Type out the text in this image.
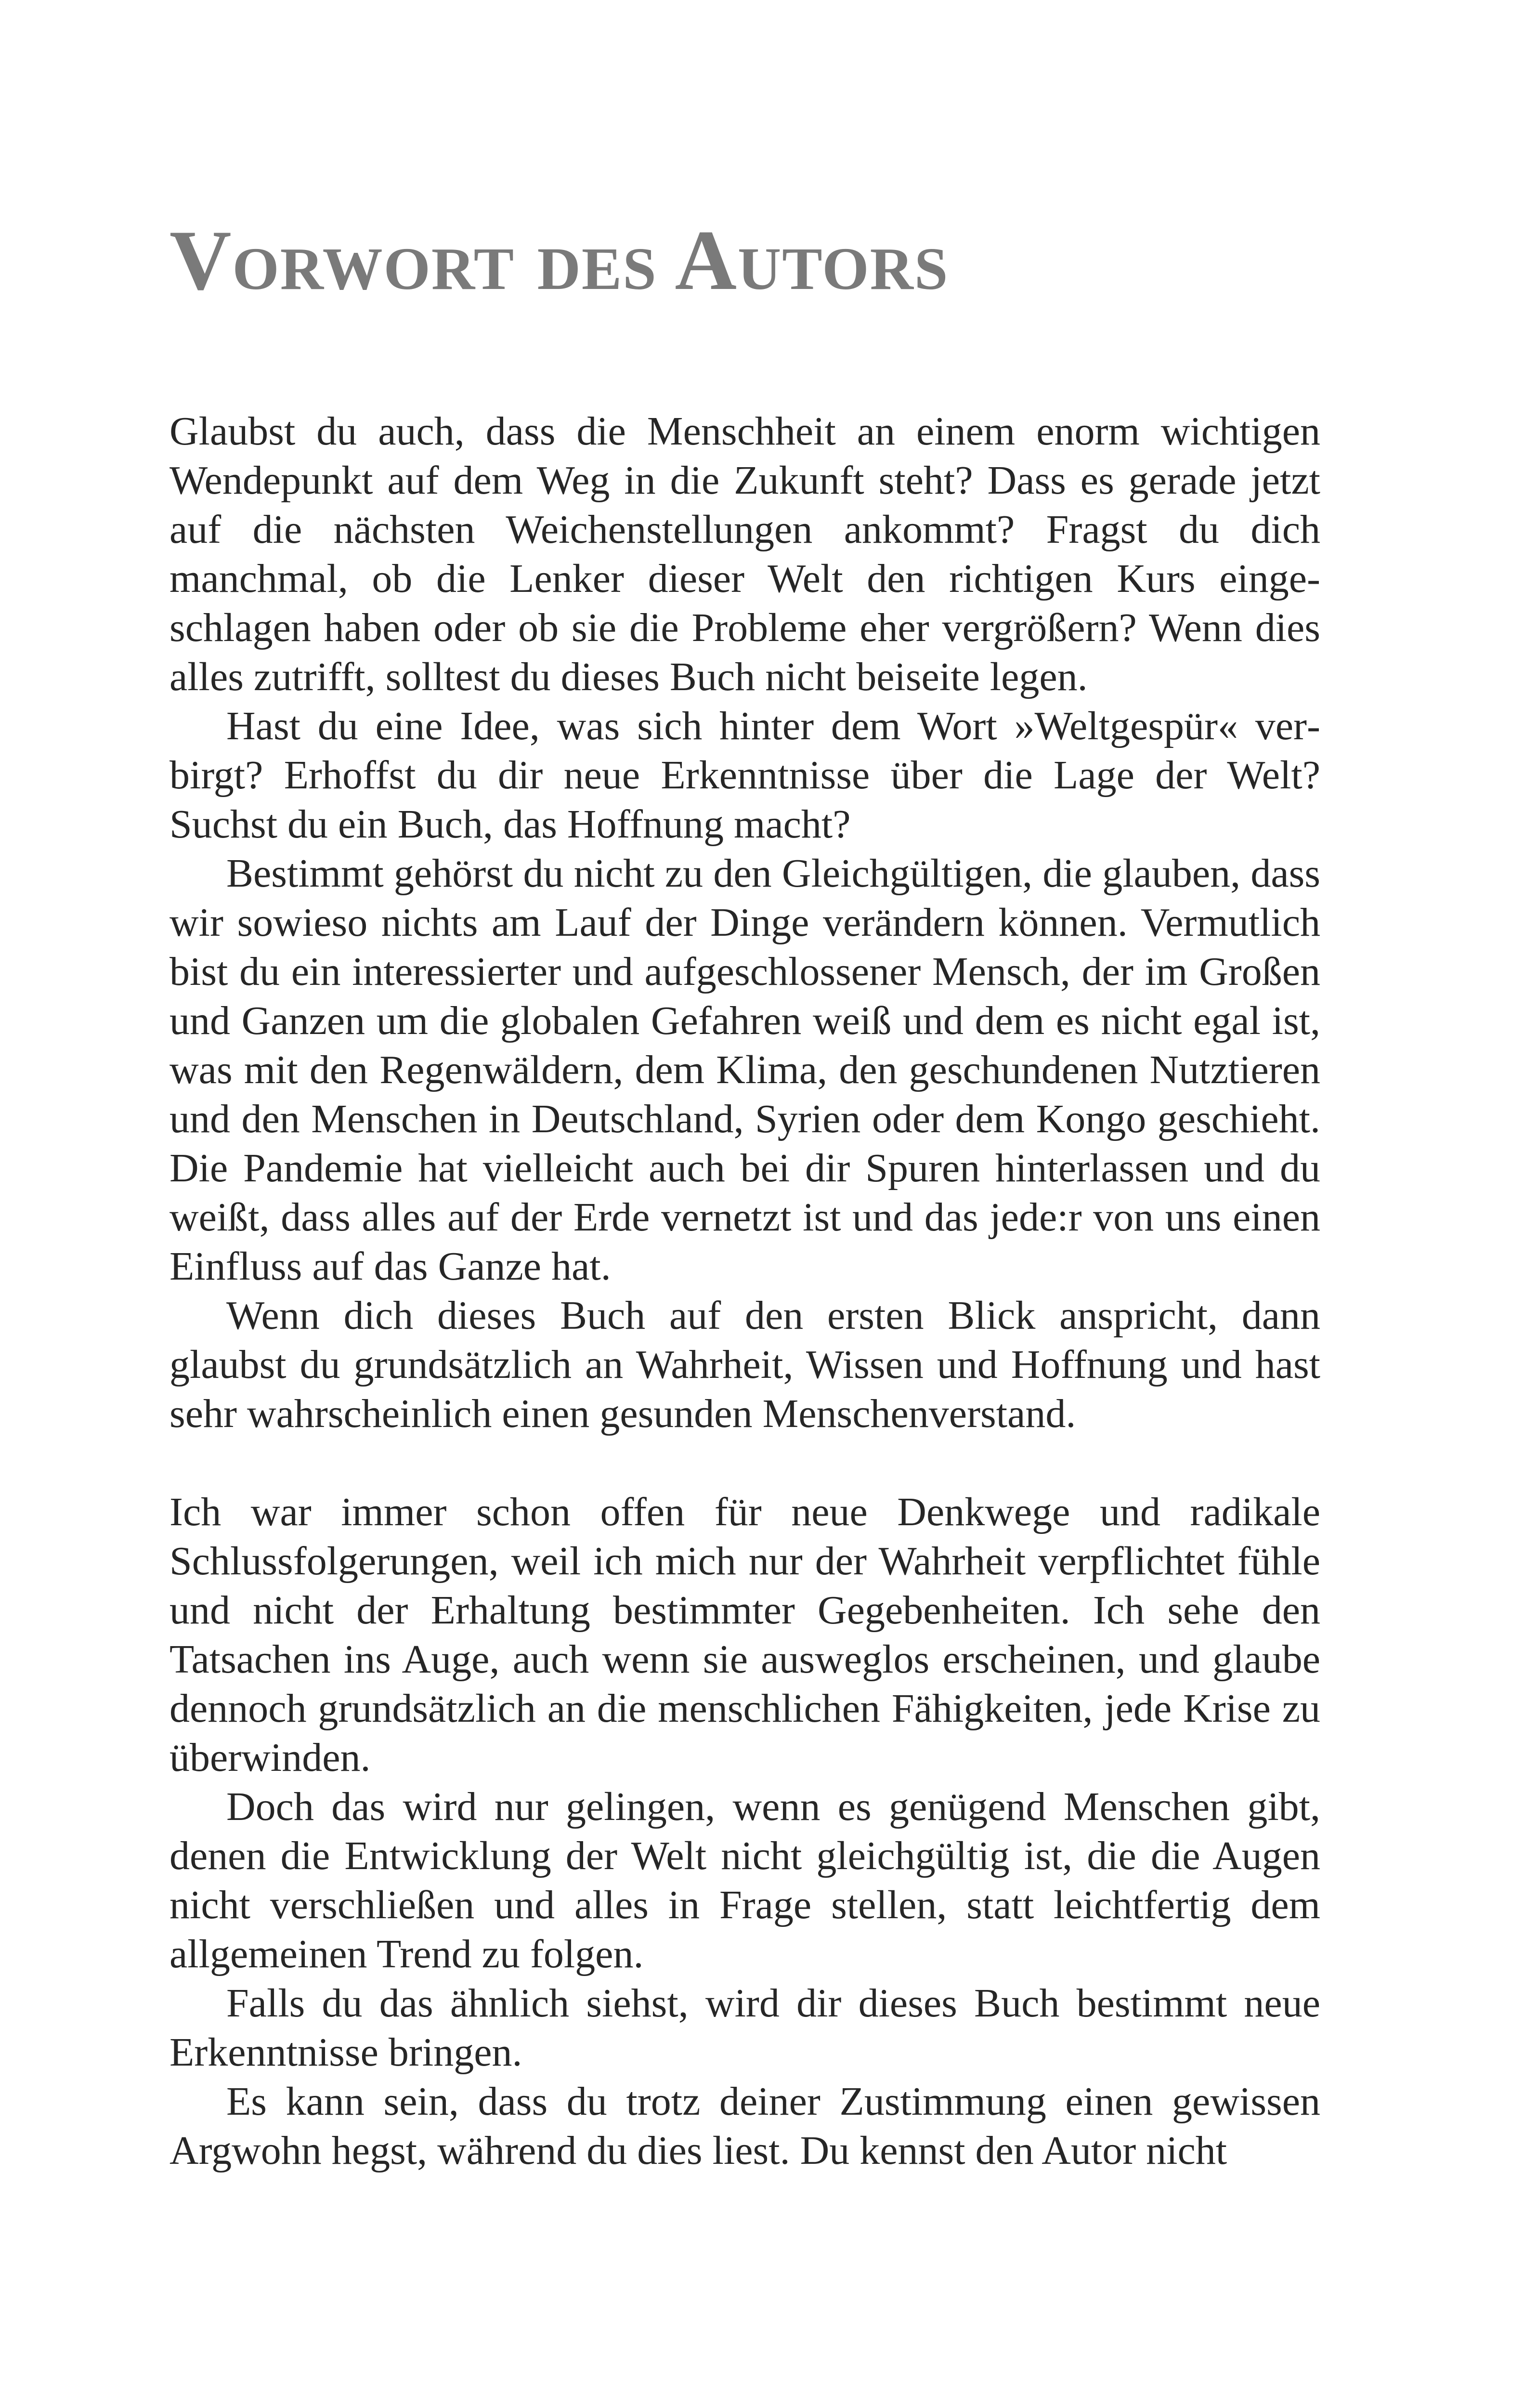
Vorwort des Autors

Glaubst du auch, dass die Menschheit an einem enorm wichtigen Wendepunkt auf dem Weg in die Zukunft steht? Dass es gerade jetzt auf die nächsten Weichenstellungen ankommt? Fragst du dich manchmal, ob die Lenker dieser Welt den richtigen Kurs eingeschlagen haben oder ob sie die Probleme eher vergrößern? Wenn dies alles zutrifft, solltest du dieses Buch nicht beiseite legen.

Hast du eine Idee, was sich hinter dem Wort »Weltgespür« verbirgt? Erhoffst du dir neue Erkenntnisse über die Lage der Welt? Suchst du ein Buch, das Hoffnung macht?

Bestimmt gehörst du nicht zu den Gleichgültigen, die glauben, dass wir sowieso nichts am Lauf der Dinge verändern können. Vermutlich bist du ein interessierter und aufgeschlossener Mensch, der im Großen und Ganzen um die globalen Gefahren weiß und dem es nicht egal ist, was mit den Regenwäldern, dem Klima, den geschundenen Nutztieren und den Menschen in Deutschland, Syrien oder dem Kongo geschieht. Die Pandemie hat vielleicht auch bei dir Spuren hinterlassen und du weißt, dass alles auf der Erde vernetzt ist und das jede:r von uns einen Einfluss auf das Ganze hat.

Wenn dich dieses Buch auf den ersten Blick anspricht, dann glaubst du grundsätzlich an Wahrheit, Wissen und Hoffnung und hast sehr wahrscheinlich einen gesunden Menschenverstand.

Ich war immer schon offen für neue Denkwege und radikale Schlussfolgerungen, weil ich mich nur der Wahrheit verpflichtet fühle und nicht der Erhaltung bestimmter Gegebenheiten. Ich sehe den Tatsachen ins Auge, auch wenn sie ausweglos erscheinen, und glaube dennoch grundsätzlich an die menschlichen Fähigkeiten, jede Krise zu überwinden.

Doch das wird nur gelingen, wenn es genügend Menschen gibt, denen die Entwicklung der Welt nicht gleichgültig ist, die die Augen nicht verschließen und alles in Frage stellen, statt leichtfertig dem allgemeinen Trend zu folgen.

Falls du das ähnlich siehst, wird dir dieses Buch bestimmt neue Erkenntnisse bringen.

Es kann sein, dass du trotz deiner Zustimmung einen gewissen Argwohn hegst, während du dies liest. Du kennst den Autor nicht
